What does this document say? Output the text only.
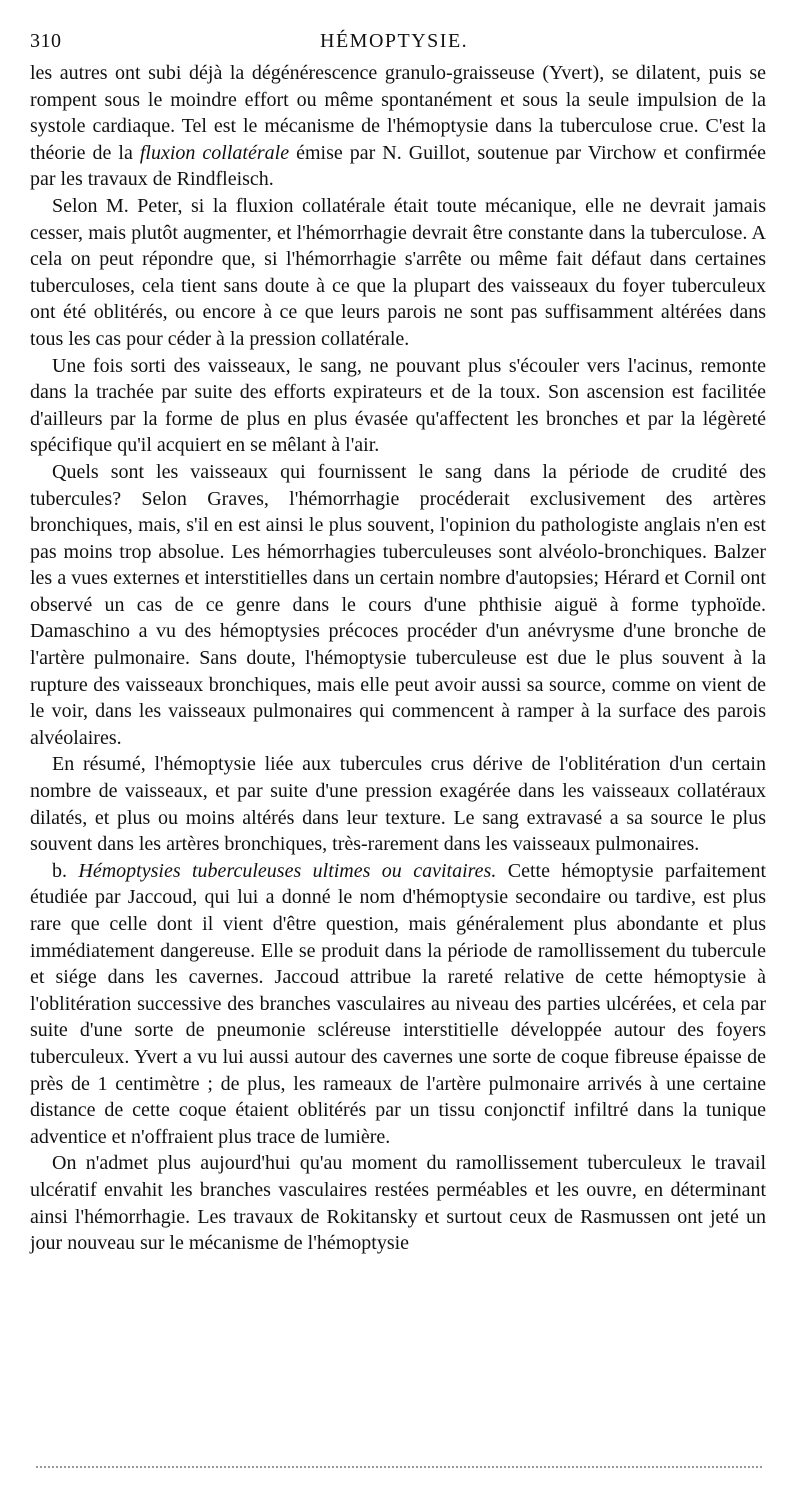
310	HÉMOPTYSIE.

les autres ont subi déjà la dégénérescence granulo-graisseuse (Yvert), se dilatent, puis se rompent sous le moindre effort ou même spontanément et sous la seule impulsion de la systole cardiaque. Tel est le mécanisme de l'hémoptysie dans la tuberculose crue. C'est la théorie de la fluxion collatérale émise par N. Guillot, soutenue par Virchow et confirmée par les travaux de Rindfleisch.

Selon M. Peter, si la fluxion collatérale était toute mécanique, elle ne devrait jamais cesser, mais plutôt augmenter, et l'hémorrhagie devrait être constante dans la tuberculose. A cela on peut répondre que, si l'hémorrhagie s'arrête ou même fait défaut dans certaines tuberculoses, cela tient sans doute à ce que la plupart des vaisseaux du foyer tuberculeux ont été oblitérés, ou encore à ce que leurs parois ne sont pas suffisamment altérées dans tous les cas pour céder à la pression collatérale.

Une fois sorti des vaisseaux, le sang, ne pouvant plus s'écouler vers l'acinus, remonte dans la trachée par suite des efforts expirateurs et de la toux. Son ascension est facilitée d'ailleurs par la forme de plus en plus évasée qu'affectent les bronches et par la légèreté spécifique qu'il acquiert en se mêlant à l'air.

Quels sont les vaisseaux qui fournissent le sang dans la période de crudité des tubercules? Selon Graves, l'hémorrhagie procéderait exclusivement des artères bronchiques, mais, s'il en est ainsi le plus souvent, l'opinion du pathologiste anglais n'en est pas moins trop absolue. Les hémorrhagies tuberculeuses sont alvéolo-bronchiques. Balzer les a vues externes et interstitielles dans un certain nombre d'autopsies; Hérard et Cornil ont observé un cas de ce genre dans le cours d'une phthisie aiguë à forme typhoïde. Damaschino a vu des hémoptysies précoces procéder d'un anévrysme d'une bronche de l'artère pulmonaire. Sans doute, l'hémoptysie tuberculeuse est due le plus souvent à la rupture des vaisseaux bronchiques, mais elle peut avoir aussi sa source, comme on vient de le voir, dans les vaisseaux pulmonaires qui commencent à ramper à la surface des parois alvéolaires.

En résumé, l'hémoptysie liée aux tubercules crus dérive de l'oblitération d'un certain nombre de vaisseaux, et par suite d'une pression exagérée dans les vaisseaux collatéraux dilatés, et plus ou moins altérés dans leur texture. Le sang extravasé a sa source le plus souvent dans les artères bronchiques, très-rarement dans les vaisseaux pulmonaires.

b. Hémoptysies tuberculeuses ultimes ou cavitaires. Cette hémoptysie parfaitement étudiée par Jaccoud, qui lui a donné le nom d'hémoptysie secondaire ou tardive, est plus rare que celle dont il vient d'être question, mais généralement plus abondante et plus immédiatement dangereuse. Elle se produit dans la période de ramollissement du tubercule et siége dans les cavernes. Jaccoud attribue la rareté relative de cette hémoptysie à l'oblitération successive des branches vasculaires au niveau des parties ulcérées, et cela par suite d'une sorte de pneumonie scléreuse interstitielle développée autour des foyers tuberculeux. Yvert a vu lui aussi autour des cavernes une sorte de coque fibreuse épaisse de près de 1 centimètre ; de plus, les rameaux de l'artère pulmonaire arrivés à une certaine distance de cette coque étaient oblitérés par un tissu conjonctif infiltré dans la tunique adventice et n'offraient plus trace de lumière.

On n'admet plus aujourd'hui qu'au moment du ramollissement tuberculeux le travail ulcératif envahit les branches vasculaires restées perméables et les ouvre, en déterminant ainsi l'hémorrhagie. Les travaux de Rokitansky et surtout ceux de Rasmussen ont jeté un jour nouveau sur le mécanisme de l'hémoptysie
